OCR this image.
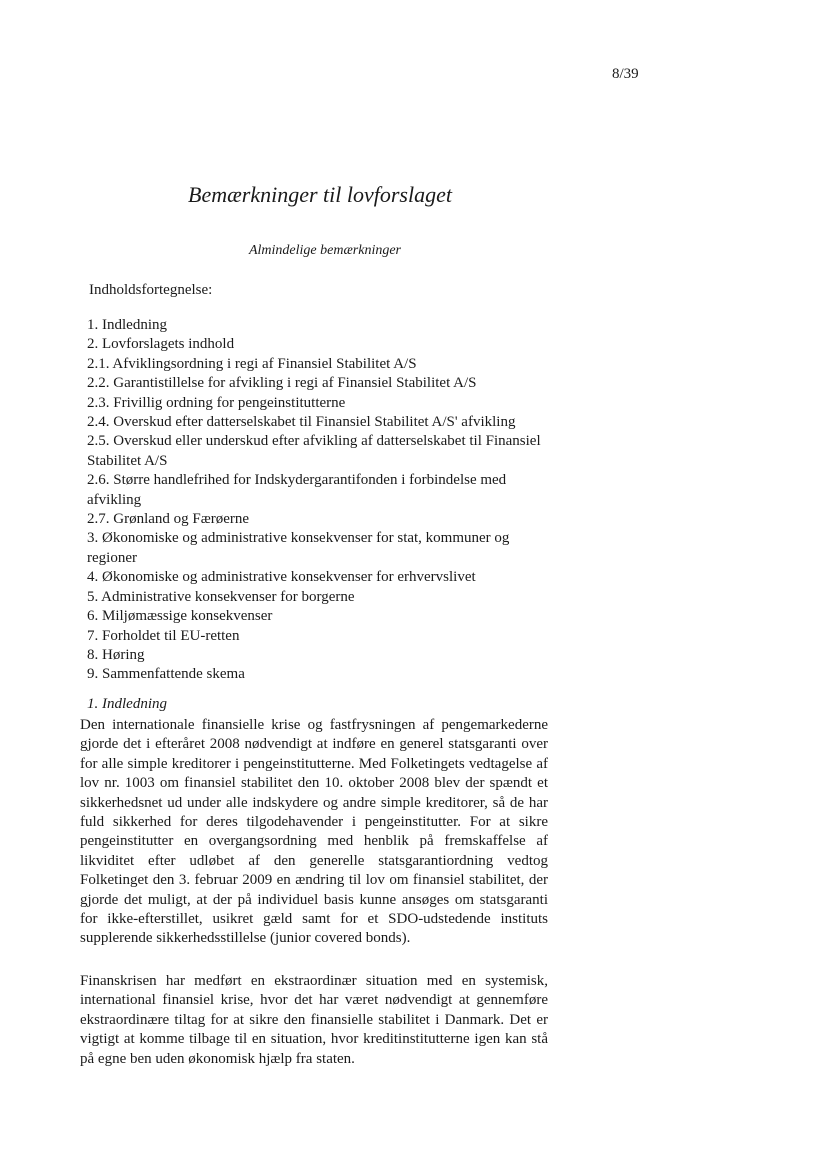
8/39
Bemærkninger til lovforslaget
Almindelige bemærkninger
Indholdsfortegnelse:
1. Indledning
2. Lovforslagets indhold
2.1. Afviklingsordning i regi af Finansiel Stabilitet A/S
2.2. Garantistillelse for afvikling i regi af Finansiel Stabilitet A/S
2.3. Frivillig ordning for pengeinstitutterne
2.4. Overskud efter datterselskabet til Finansiel Stabilitet A/S' afvikling
2.5. Overskud eller underskud efter afvikling af datterselskabet til Finansiel Stabilitet A/S
2.6. Større handlefrihed for Indskydergarantifonden i forbindelse med afvikling
2.7. Grønland og Færøerne
3. Økonomiske og administrative konsekvenser for stat, kommuner og regioner
4. Økonomiske og administrative konsekvenser for erhvervslivet
5. Administrative konsekvenser for borgerne
6. Miljømæssige konsekvenser
7. Forholdet til EU-retten
8. Høring
9. Sammenfattende skema
1. Indledning
Den internationale finansielle krise og fastfrysningen af pengemarkederne gjorde det i efteråret 2008 nødvendigt at indføre en generel statsgaranti over for alle simple kreditorer i pengeinstitutterne. Med Folketingets vedtagelse af lov nr. 1003 om finansiel stabilitet den 10. oktober 2008 blev der spændt et sikkerhedsnet ud under alle indskydere og andre simple kreditorer, så de har fuld sikkerhed for deres tilgodehavender i pengeinstitutter. For at sikre pengeinstitutter en overgangsordning med henblik på fremskaffelse af likviditet efter udløbet af den generelle statsgarantiordning vedtog Folketinget den 3. februar 2009 en ændring til lov om finansiel stabilitet, der gjorde det muligt, at der på individuel basis kunne ansøges om statsgaranti for ikke-efterstillet, usikret gæld samt for et SDO-udstedende instituts supplerende sikkerhedsstillelse (junior covered bonds).
Finanskrisen har medført en ekstraordinær situation med en systemisk, international finansiel krise, hvor det har været nødvendigt at gennemføre ekstraordinære tiltag for at sikre den finansielle stabilitet i Danmark. Det er vigtigt at komme tilbage til en situation, hvor kreditinstitutterne igen kan stå på egne ben uden økonomisk hjælp fra staten.
